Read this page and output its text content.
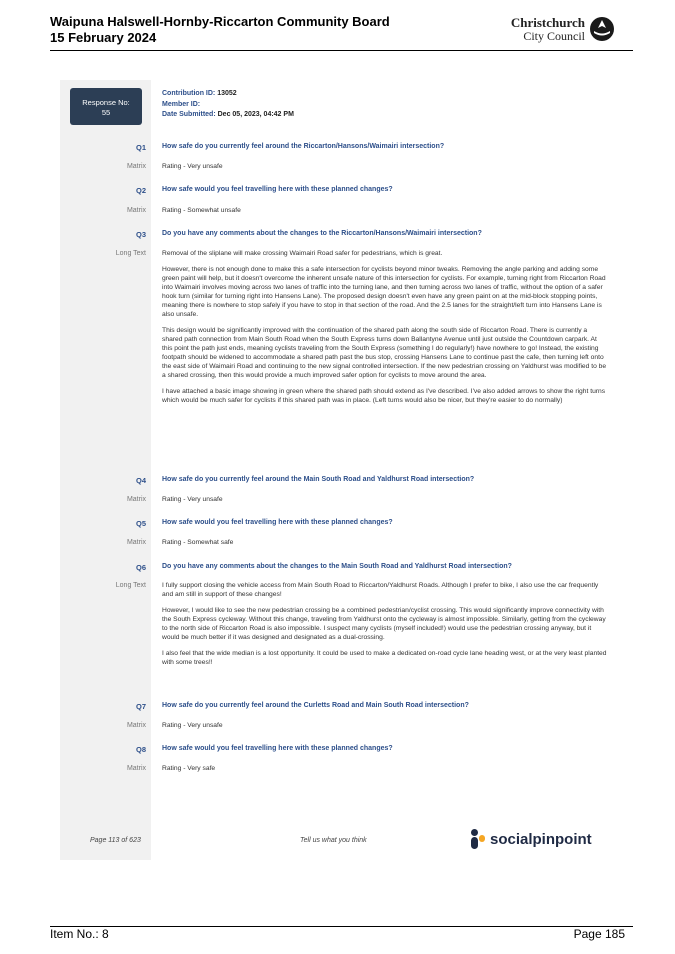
Waipuna Halswell-Hornby-Riccarton Community Board
15 February 2024
Christchurch
City Council
Response No:
55
Contribution ID: 13052
Member ID:
Date Submitted: Dec 05, 2023, 04:42 PM
Q1 How safe do you currently feel around the Riccarton/Hansons/Waimairi intersection?
Matrix Rating - Very unsafe
Q2 How safe would you feel travelling here with these planned changes?
Matrix Rating - Somewhat unsafe
Q3 Do you have any comments about the changes to the Riccarton/Hansons/Waimairi intersection?
Long Text Removal of the sliplane will make crossing Waimairi Road safer for pedestrians, which is great.
However, there is not enough done to make this a safe intersection for cyclists beyond minor tweaks. Removing the angle parking and adding some green paint will help, but it doesn't overcome the inherent unsafe nature of this intersection for cyclists. For example, turning right from Riccarton Road into Waimairi involves moving across two lanes of traffic into the turning lane, and then turning across two lanes of traffic, without the option of a safer hook turn (similar for turning right into Hansens Lane). The proposed design doesn't even have any green paint on at the mid-block stopping points, meaning there is nowhere to stop safely if you have to stop in that section of the road. And the 2.5 lanes for the straight/left turn into Hansens Lane is also unsafe.
This design would be significantly improved with the continuation of the shared path along the south side of Riccarton Road. There is currently a shared path connection from Main South Road when the South Express turns down Ballantyne Avenue until just outside the Countdown carpark. At this point the path just ends, meaning cyclists traveling from the South Express (something I do regularly!) have nowhere to go! Instead, the existing footpath should be widened to accommodate a shared path past the bus stop, crossing Hansens Lane to continue past the cafe, then turning left onto the east side of Waimairi Road and continuing to the new signal controlled intersection. If the new pedestrian crossing on Yaldhurst was modified to be a shared crossing, then this would provide a much improved safer option for cyclists to move around the area.
I have attached a basic image showing in green where the shared path should extend as I've described. I've also added arrows to show the right turns which would be much safer for cyclists if this shared path was in place. (Left turns would also be nicer, but they're easier to do normally)
Q4 How safe do you currently feel around the Main South Road and Yaldhurst Road intersection?
Matrix Rating - Very unsafe
Q5 How safe would you feel travelling here with these planned changes?
Matrix Rating - Somewhat safe
Q6 Do you have any comments about the changes to the Main South Road and Yaldhurst Road intersection?
Long Text I fully support closing the vehicle access from Main South Road to Riccarton/Yaldhurst Roads. Although I prefer to bike, I also use the car frequently and am still in support of these changes!
However, I would like to see the new pedestrian crossing be a combined pedestrian/cyclist crossing. This would significantly improve connectivity with the South Express cycleway. Without this change, traveling from Yaldhurst onto the cycleway is almost impossible. Similarly, getting from the cycleway to the north side of Riccarton Road is also impossible. I suspect many cyclists (myself included!) would use the pedestrian crossing anyway, but it would be much better if it was designed and designated as a dual-crossing.
I also feel that the wide median is a lost opportunity. It could be used to make a dedicated on-road cycle lane heading west, or at the very least planted with some trees!!
Q7 How safe do you currently feel around the Curletts Road and Main South Road intersection?
Matrix Rating - Very unsafe
Q8 How safe would you feel travelling here with these planned changes?
Matrix Rating - Very safe
Page 113 of 623	Tell us what you think	socialpinpoint
Item No.: 8	Page 185
